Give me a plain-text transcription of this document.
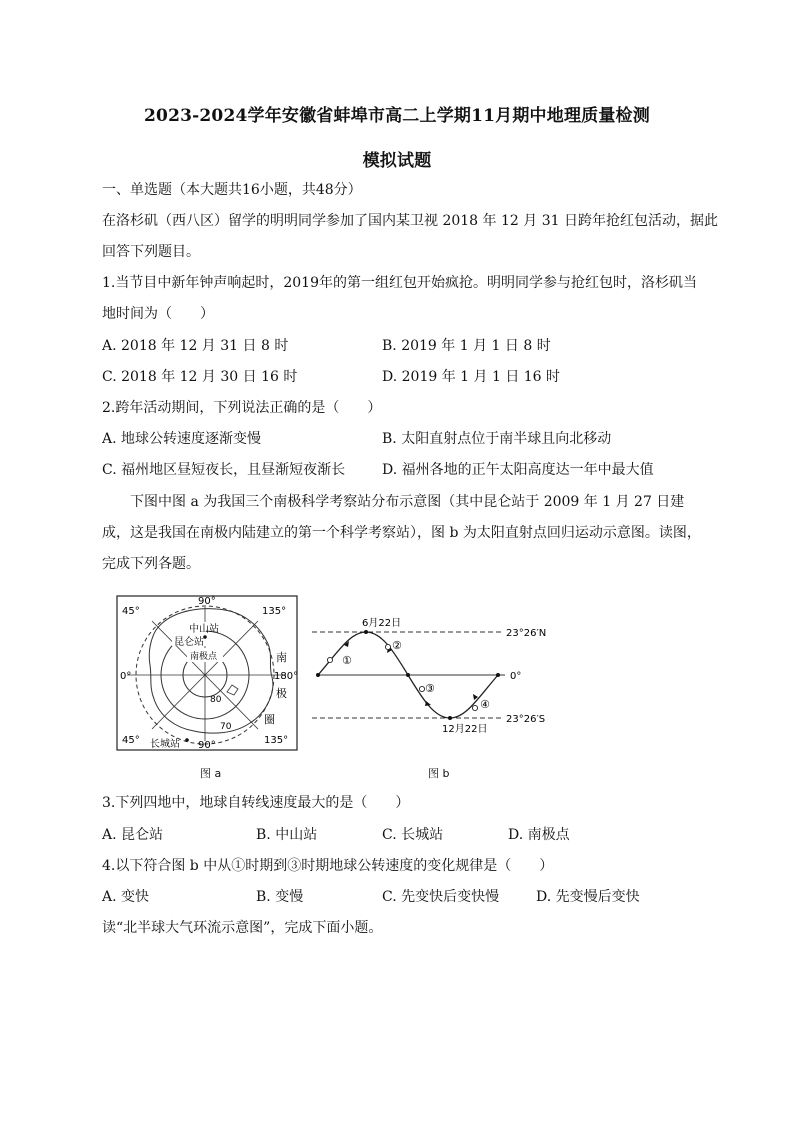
2023-2024学年安徽省蚌埠市高二上学期11月期中地理质量检测
模拟试题
一、单选题（本大题共16小题，共48分）
在洛杉矶（西八区）留学的明明同学参加了国内某卫视 2018 年 12 月 31 日跨年抢红包活动，据此
回答下列题目。
1.当节目中新年钟声响起时，2019年的第一组红包开始疯抢。明明同学参与抢红包时，洛杉矶当
地时间为（　　）
A. 2018 年 12 月 31 日 8 时	B. 2019 年 1 月 1 日 8 时
C. 2018 年 12 月 30 日 16 时	D. 2019 年 1 月 1 日 16 时
2.跨年活动期间，下列说法正确的是（　　）
A. 地球公转速度逐渐变慢	B. 太阳直射点位于南半球且向北移动
C. 福州地区昼短夜长，且昼渐短夜渐长	D. 福州各地的正午太阳高度达一年中最大值
下图中图 a 为我国三个南极科学考察站分布示意图（其中昆仑站于 2009 年 1 月 27 日建
成，这是我国在南极内陆建立的第一个科学考察站），图 b 为太阳直射点回归运动示意图。读图，
完成下列各题。
45°
90°
135°
0°	180°
45°	90°	135°
80
70
中山站
昆仑站
南极点
长城站
南
极
圈
图 a
①
②
③
④
6月22日
12月22日
23°26′N
0°
23°26′S
图 b
3.下列四地中，地球自转线速度最大的是（　　）
A. 昆仑站	B. 中山站	C. 长城站	D. 南极点
4.以下符合图 b 中从①时期到③时期地球公转速度的变化规律是（　　）
A. 变快	B. 变慢	C. 先变快后变快慢	D. 先变慢后变快
读“北半球大气环流示意图”，完成下面小题。
